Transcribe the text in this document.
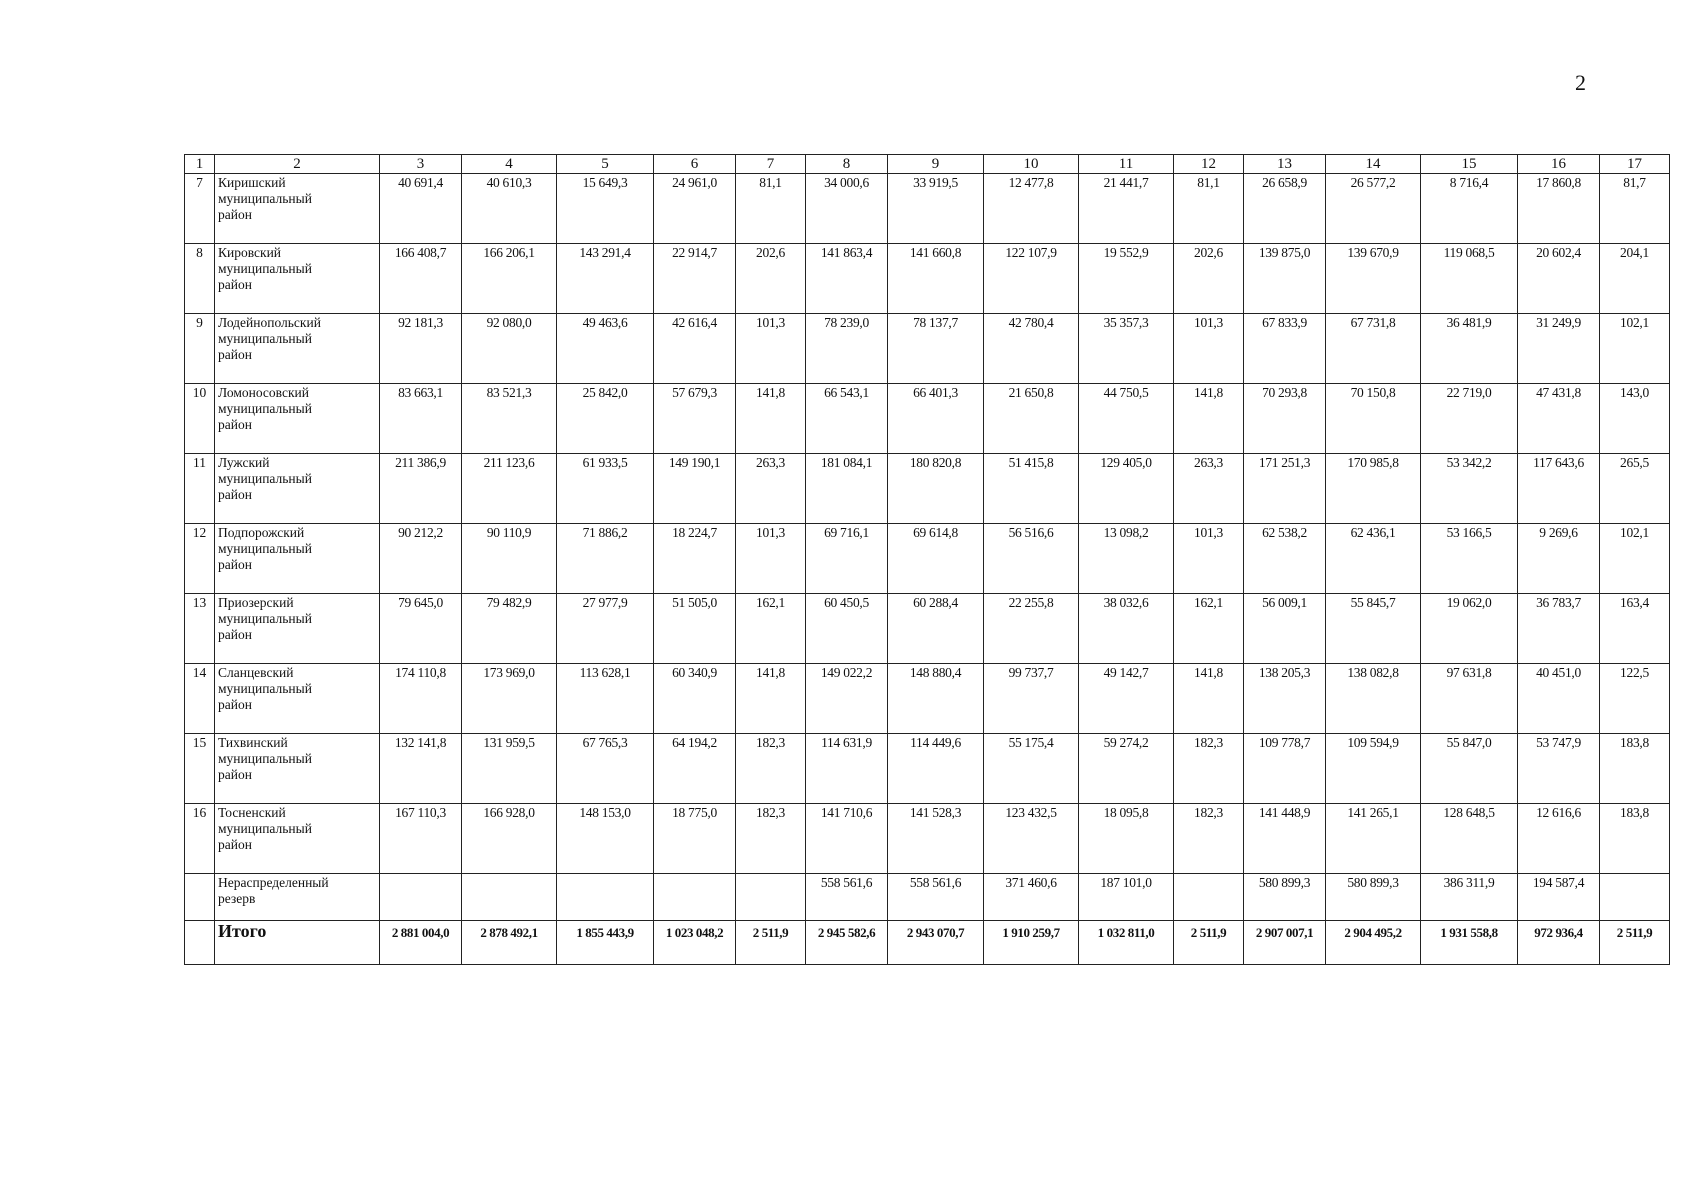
2
1	2	3	4	5	6	7	8	9	10	11	12	13	14	15	16	17
7	Киришский
муниципальный
район	40 691,4	40 610,3	15 649,3	24 961,0	81,1	34 000,6	33 919,5	12 477,8	21 441,7	81,1	26 658,9	26 577,2	8 716,4	17 860,8	81,7
8	Кировский
муниципальный
район	166 408,7	166 206,1	143 291,4	22 914,7	202,6	141 863,4	141 660,8	122 107,9	19 552,9	202,6	139 875,0	139 670,9	119 068,5	20 602,4	204,1
9	Лодейнопольский
муниципальный
район	92 181,3	92 080,0	49 463,6	42 616,4	101,3	78 239,0	78 137,7	42 780,4	35 357,3	101,3	67 833,9	67 731,8	36 481,9	31 249,9	102,1
10	Ломоносовский
муниципальный
район	83 663,1	83 521,3	25 842,0	57 679,3	141,8	66 543,1	66 401,3	21 650,8	44 750,5	141,8	70 293,8	70 150,8	22 719,0	47 431,8	143,0
11	Лужский
муниципальный
район	211 386,9	211 123,6	61 933,5	149 190,1	263,3	181 084,1	180 820,8	51 415,8	129 405,0	263,3	171 251,3	170 985,8	53 342,2	117 643,6	265,5
12	Подпорожский
муниципальный
район	90 212,2	90 110,9	71 886,2	18 224,7	101,3	69 716,1	69 614,8	56 516,6	13 098,2	101,3	62 538,2	62 436,1	53 166,5	9 269,6	102,1
13	Приозерский
муниципальный
район	79 645,0	79 482,9	27 977,9	51 505,0	162,1	60 450,5	60 288,4	22 255,8	38 032,6	162,1	56 009,1	55 845,7	19 062,0	36 783,7	163,4
14	Сланцевский
муниципальный
район	174 110,8	173 969,0	113 628,1	60 340,9	141,8	149 022,2	148 880,4	99 737,7	49 142,7	141,8	138 205,3	138 082,8	97 631,8	40 451,0	122,5
15	Тихвинский
муниципальный
район	132 141,8	131 959,5	67 765,3	64 194,2	182,3	114 631,9	114 449,6	55 175,4	59 274,2	182,3	109 778,7	109 594,9	55 847,0	53 747,9	183,8
16	Тосненский
муниципальный
район	167 110,3	166 928,0	148 153,0	18 775,0	182,3	141 710,6	141 528,3	123 432,5	18 095,8	182,3	141 448,9	141 265,1	128 648,5	12 616,6	183,8
	Нераспределенный
резерв						558 561,6	558 561,6	371 460,6	187 101,0		580 899,3	580 899,3	386 311,9	194 587,4	
	Итого	2 881 004,0	2 878 492,1	1 855 443,9	1 023 048,2	2 511,9	2 945 582,6	2 943 070,7	1 910 259,7	1 032 811,0	2 511,9	2 907 007,1	2 904 495,2	1 931 558,8	972 936,4	2 511,9
